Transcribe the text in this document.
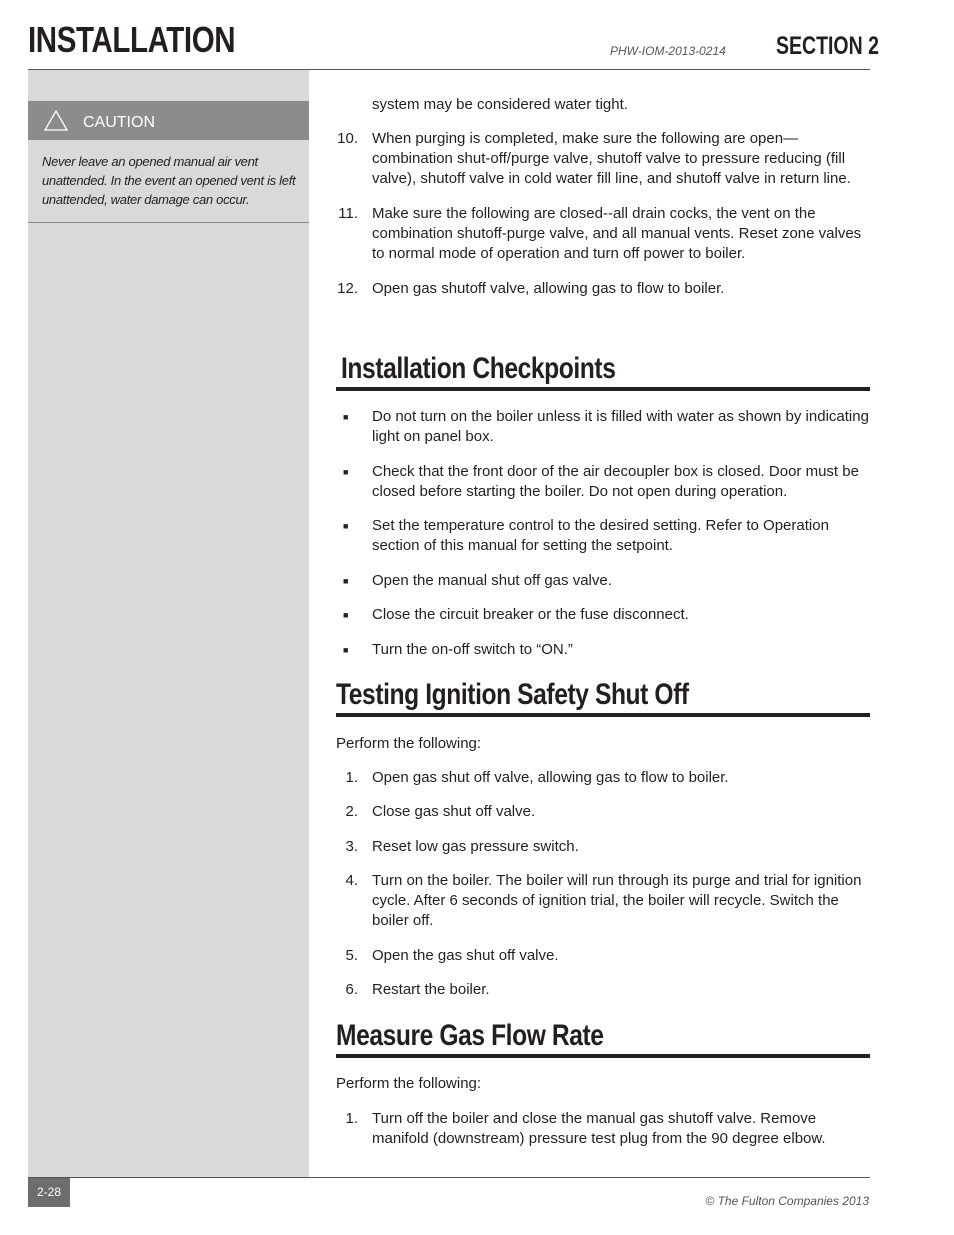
INSTALLATION	PHW-IOM-2013-0214 SECTION 2
CAUTION
Never leave an opened manual air vent unattended. In the event an opened vent is left unattended, water damage can occur.

system may be considered water tight.

10. When purging is completed, make sure the following are open—combination shut-off/purge valve, shutoff valve to pressure reducing (fill valve), shutoff valve in cold water fill line, and shutoff valve in return line.

11. Make sure the following are closed--all drain cocks, the vent on the combination shutoff-purge valve, and all manual vents. Reset zone valves to normal mode of operation and turn off power to boiler.

12. Open gas shutoff valve, allowing gas to flow to boiler.

Installation Checkpoints
■ Do not turn on the boiler unless it is filled with water as shown by indicating light on panel box.

■ Check that the front door of the air decoupler box is closed. Door must be closed before starting the boiler. Do not open during operation.

■ Set the temperature control to the desired setting. Refer to Operation section of this manual for setting the setpoint.

■ Open the manual shut off gas valve.

■ Close the circuit breaker or the fuse disconnect.

■ Turn the on-off switch to “ON.”

Testing Ignition Safety Shut Off

Perform the following:

1. Open gas shut off valve, allowing gas to flow to boiler.

2. Close gas shut off valve.

3. Reset low gas pressure switch.

4. Turn on the boiler. The boiler will run through its purge and trial for ignition cycle. After 6 seconds of ignition trial, the boiler will recycle. Switch the boiler off.

5. Open the gas shut off valve.

6. Restart the boiler.

Measure Gas Flow Rate

Perform the following:

1. Turn off the boiler and close the manual gas shutoff valve. Remove manifold (downstream) pressure test plug from the 90 degree elbow.

2-28
© The Fulton Companies 2013
